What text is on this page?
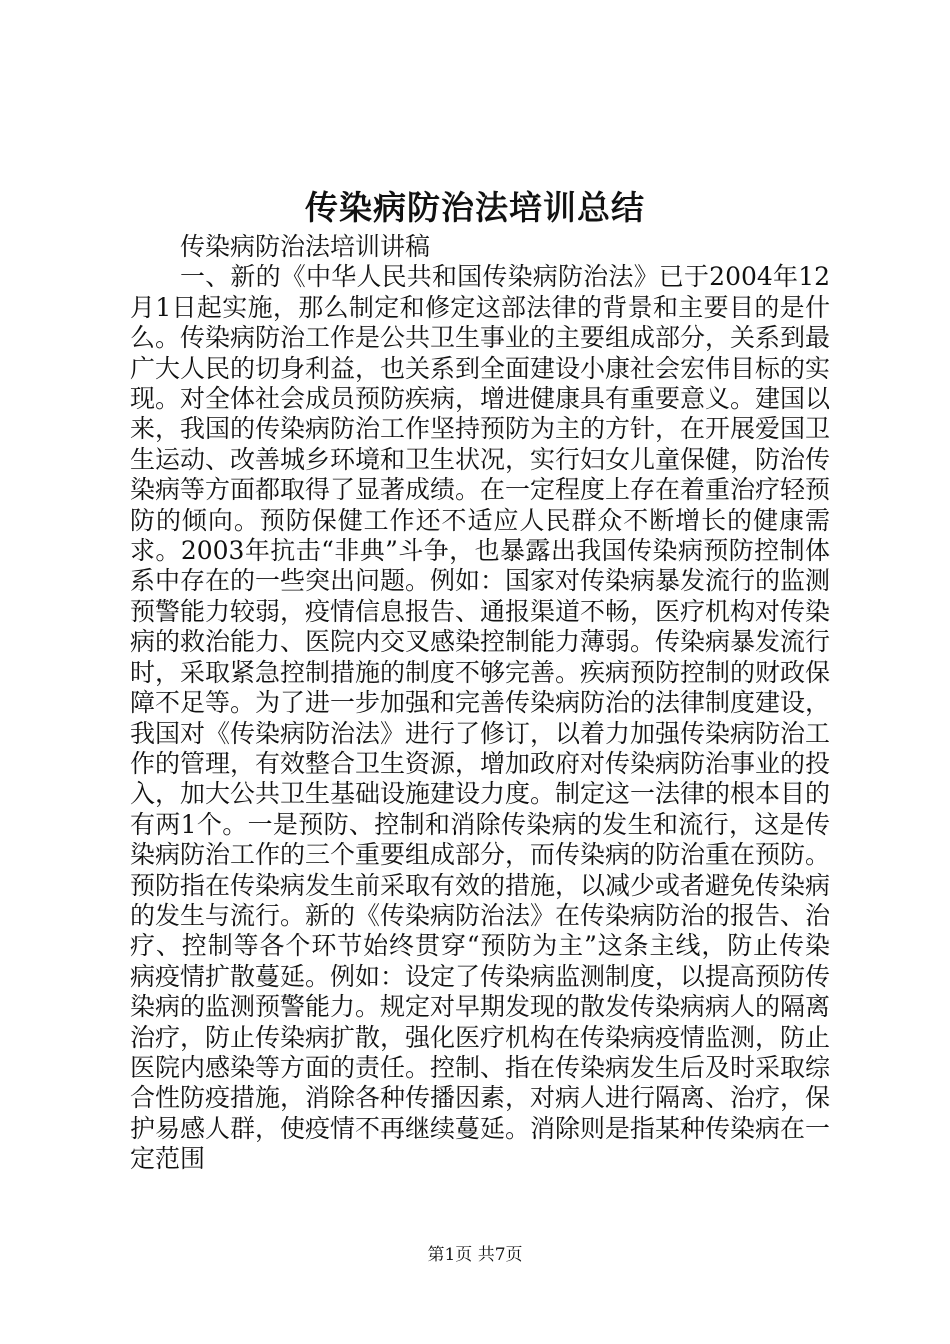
传染病防治法培训总结

传染病防治法培训讲稿

一、新的《中华人民共和国传染病防治法》已于2004年12月1日起实施，那么制定和修定这部法律的背景和主要目的是什么。传染病防治工作是公共卫生事业的主要组成部分，关系到最广大人民的切身利益，也关系到全面建设小康社会宏伟目标的实现。对全体社会成员预防疾病，增进健康具有重要意义。建国以来，我国的传染病防治工作坚持预防为主的方针，在开展爱国卫生运动、改善城乡环境和卫生状况，实行妇女儿童保健，防治传染病等方面都取得了显著成绩。在一定程度上存在着重治疗轻预防的倾向。预防保健工作还不适应人民群众不断增长的健康需求。2003年抗击“非典”斗争，也暴露出我国传染病预防控制体系中存在的一些突出问题。例如：国家对传染病暴发流行的监测预警能力较弱，疫情信息报告、通报渠道不畅，医疗机构对传染病的救治能力、医院内交叉感染控制能力薄弱。传染病暴发流行时，采取紧急控制措施的制度不够完善。疾病预防控制的财政保障不足等。为了进一步加强和完善传染病防治的法律制度建设，我国对《传染病防治法》进行了修订，以着力加强传染病防治工作的管理，有效整合卫生资源，增加政府对传染病防治事业的投入，加大公共卫生基础设施建设力度。制定这一法律的根本目的有两1个。一是预防、控制和消除传染病的发生和流行，这是传染病防治工作的三个重要组成部分，而传染病的防治重在预防。预防指在传染病发生前采取有效的措施，以减少或者避免传染病的发生与流行。新的《传染病防治法》在传染病防治的报告、治疗、控制等各个环节始终贯穿“预防为主”这条主线，防止传染病疫情扩散蔓延。例如：设定了传染病监测制度，以提高预防传染病的监测预警能力。规定对早期发现的散发传染病病人的隔离治疗，防止传染病扩散，强化医疗机构在传染病疫情监测，防止医院内感染等方面的责任。控制、指在传染病发生后及时采取综合性防疫措施，消除各种传播因素，对病人进行隔离、治疗，保护易感人群，使疫情不再继续蔓延。消除则是指某种传染病在一定范围

第1页 共7页
